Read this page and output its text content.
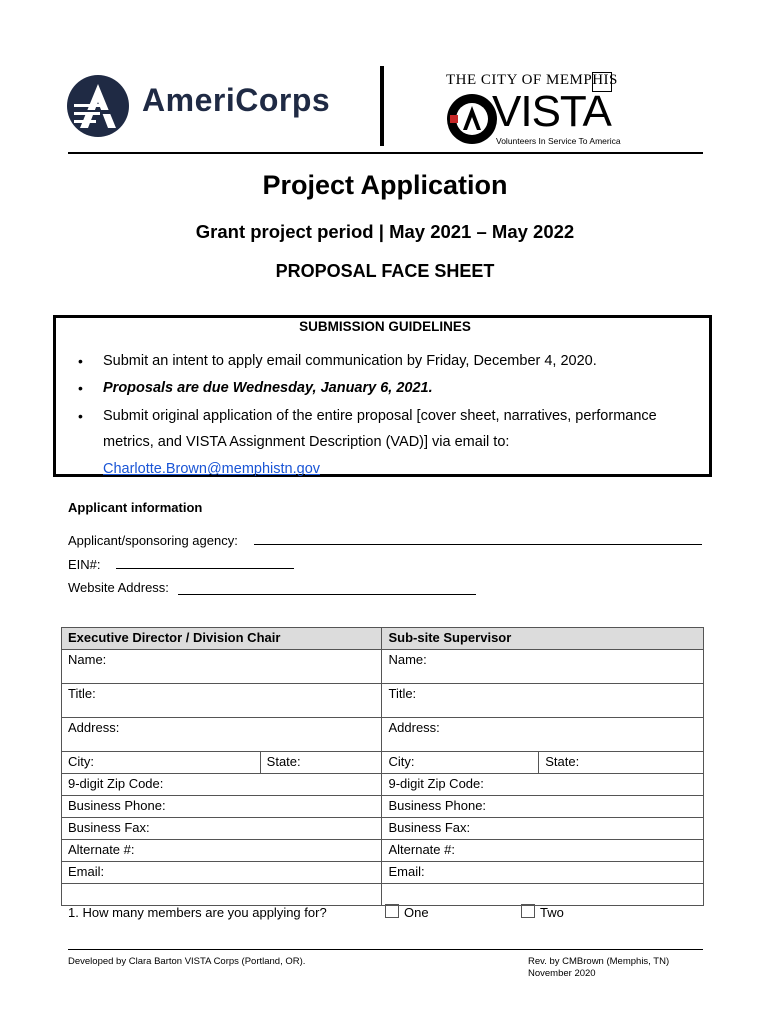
AmeriCorps
THE CITY OF MEMPHIS
VISTA
Volunteers In Service To America
Project Application
Grant project period | May 2021 – May 2022
PROPOSAL FACE SHEET
SUBMISSION GUIDELINES
• Submit an intent to apply email communication by Friday, December 4, 2020.
• Proposals are due Wednesday, January 6, 2021.
• Submit original application of the entire proposal [cover sheet, narratives, performance
metrics, and VISTA Assignment Description (VAD)] via email to:
Charlotte.Brown@memphistn.gov
Applicant information
Applicant/sponsoring agency:
EIN#:
Website Address:
Executive Director / Division Chair		Sub-site Supervisor	
Name:		Name:	
Title:		Title:	
Address:		Address:	
City:	State:	City:	State:
9-digit Zip Code:		9-digit Zip Code:	
Business Phone:		Business Phone:	
Business Fax:		Business Fax:	
Alternate #:		Alternate #:	
Email:		Email:	

1. How many members are you applying for?	One	Two
Developed by Clara Barton VISTA Corps (Portland, OR).	Rev. by CMBrown (Memphis, TN)
November 2020
